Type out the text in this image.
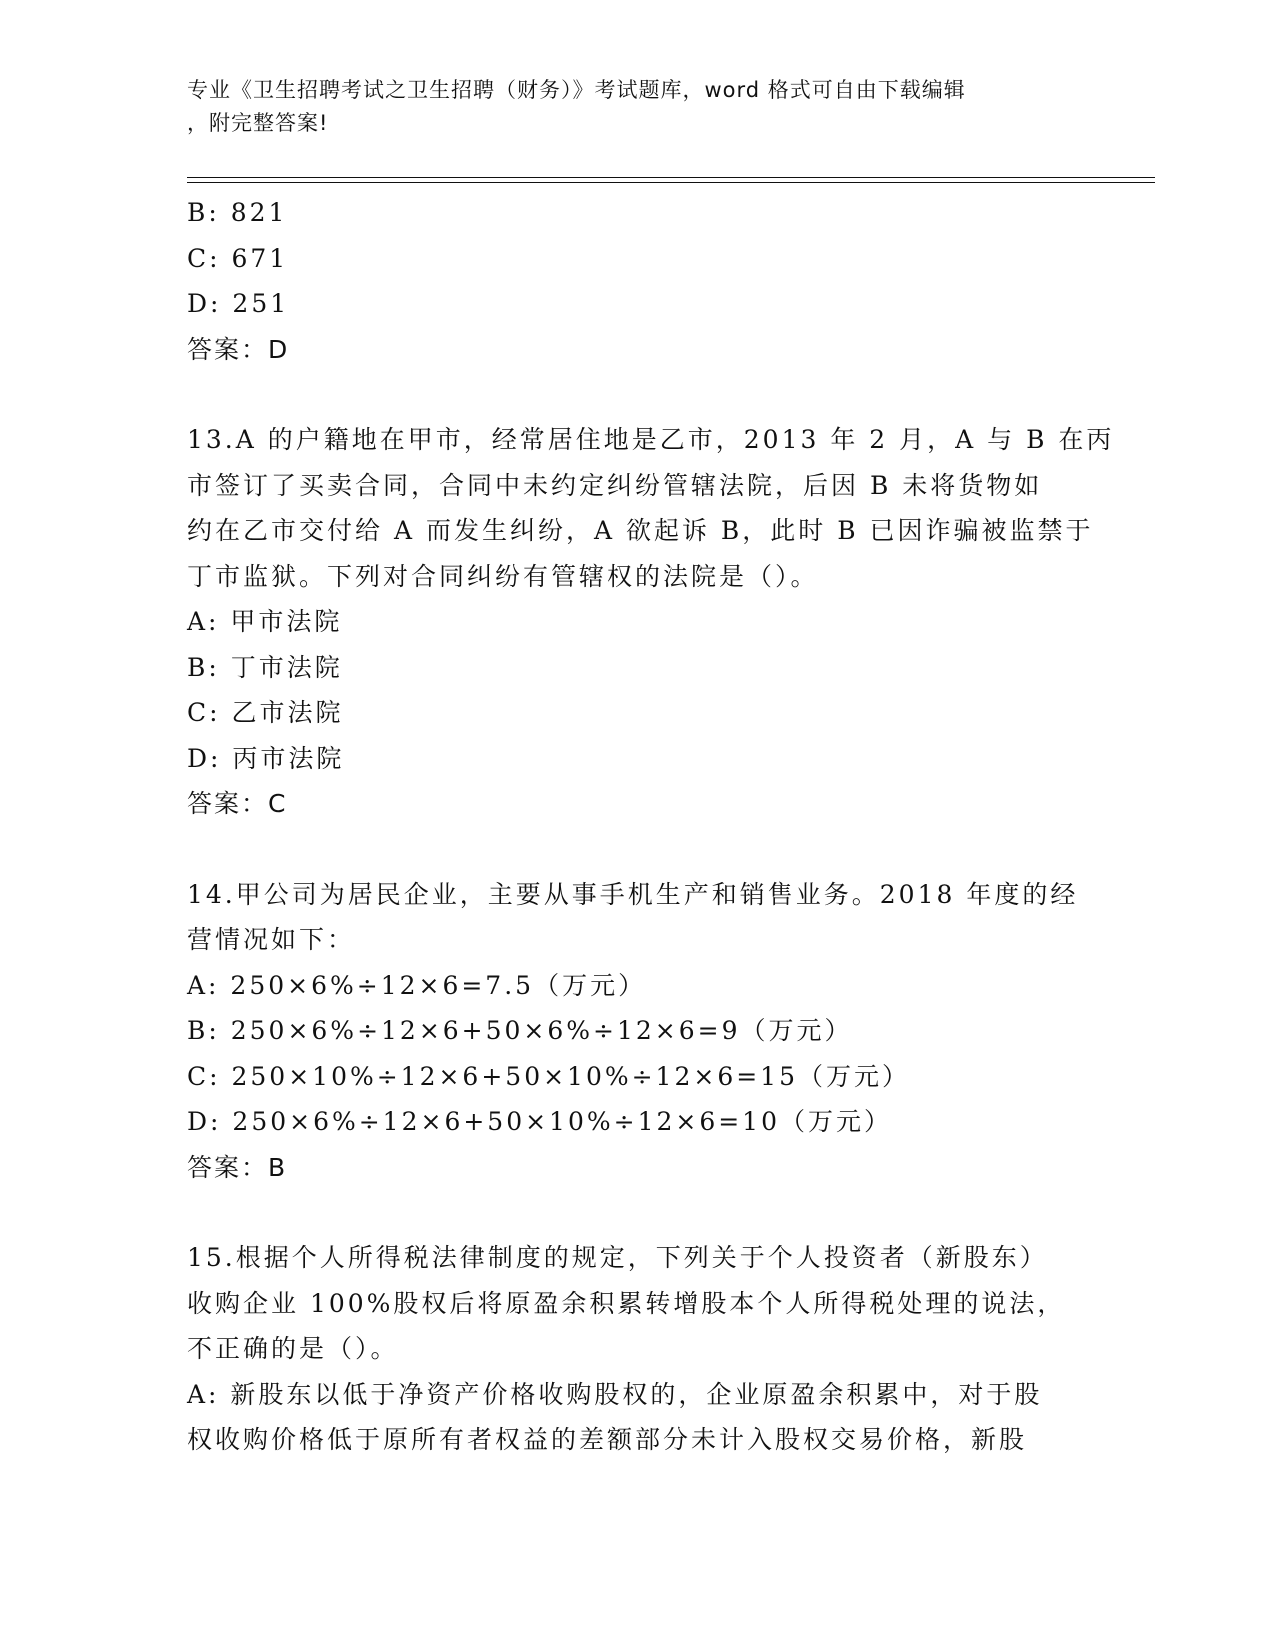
专业《卫生招聘考试之卫生招聘（财务）》考试题库，word 格式可自由下载编辑
，附完整答案!
B: 821
C: 671
D: 251
答案：D
13.A 的户籍地在甲市，经常居住地是乙市，2013 年 2 月，A 与 B 在丙
市签订了买卖合同，合同中未约定纠纷管辖法院，后因 B 未将货物如
约在乙市交付给 A 而发生纠纷，A 欲起诉 B，此时 B 已因诈骗被监禁于
丁市监狱。下列对合同纠纷有管辖权的法院是（）。
A: 甲市法院
B: 丁市法院
C: 乙市法院
D: 丙市法院
答案：C
14.甲公司为居民企业，主要从事手机生产和销售业务。2018 年度的经
营情况如下：
A: 250×6%÷12×6=7.5（万元）
B: 250×6%÷12×6+50×6%÷12×6=9（万元）
C: 250×10%÷12×6+50×10%÷12×6=15（万元）
D: 250×6%÷12×6+50×10%÷12×6=10（万元）
答案：B
15.根据个人所得税法律制度的规定，下列关于个人投资者（新股东）
收购企业 100%股权后将原盈余积累转增股本个人所得税处理的说法，
不正确的是（）。
A: 新股东以低于净资产价格收购股权的，企业原盈余积累中，对于股
权收购价格低于原所有者权益的差额部分未计入股权交易价格，新股
